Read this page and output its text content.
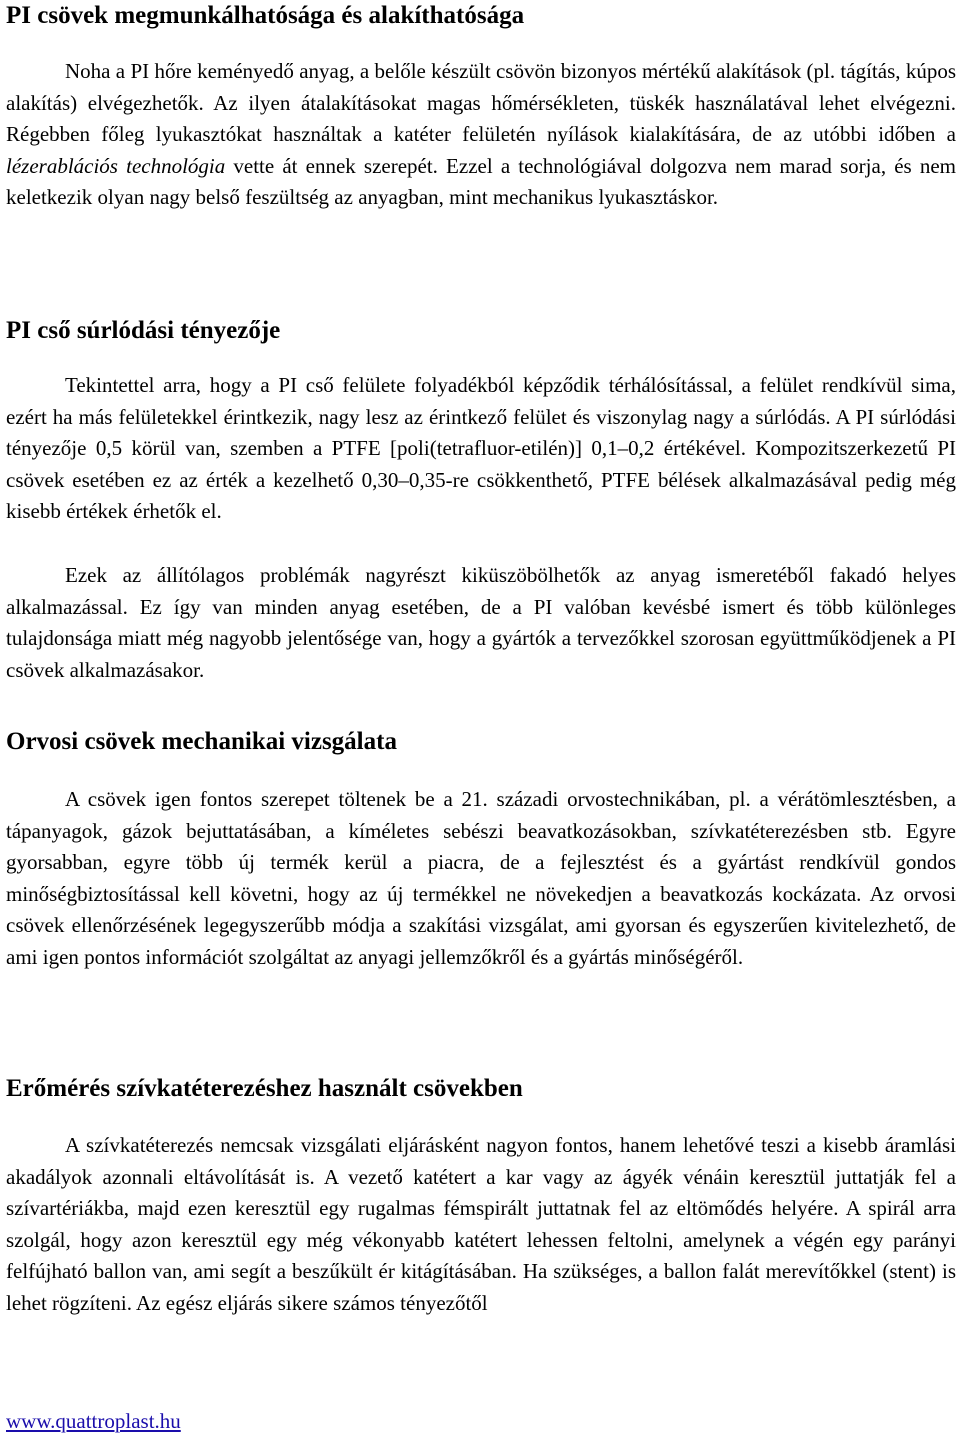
PI csövek megmunkálhatósága és alakíthatósága

Noha a PI hőre keményedő anyag, a belőle készült csövön bizonyos mértékű alakítások (pl. tágítás, kúpos alakítás) elvégezhetők. Az ilyen átalakításokat magas hőmérsékleten, tüskék használatával lehet elvégezni. Régebben főleg lyukasztókat használtak a katéter felületén nyílások kialakítására, de az utóbbi időben a lézerablációs technológia vette át ennek szerepét. Ezzel a technológiával dolgozva nem marad sorja, és nem keletkezik olyan nagy belső feszültség az anyagban, mint mechanikus lyukasztáskor.

PI cső súrlódási tényezője

Tekintettel arra, hogy a PI cső felülete folyadékból képződik térhálósítással, a felület rendkívül sima, ezért ha más felületekkel érintkezik, nagy lesz az érintkező felület és viszonylag nagy a súrlódás. A PI súrlódási tényezője 0,5 körül van, szemben a PTFE [poli(tetrafluor-etilén)] 0,1–0,2 értékével. Kompozitszerkezetű PI csövek esetében ez az érték a kezelhető 0,30–0,35-re csökkenthető, PTFE bélések alkalmazásával pedig még kisebb értékek érhetők el.

Ezek az állítólagos problémák nagyrészt kiküszöbölhetők az anyag ismeretéből fakadó helyes alkalmazással. Ez így van minden anyag esetében, de a PI valóban kevésbé ismert és több különleges tulajdonsága miatt még nagyobb jelentősége van, hogy a gyártók a tervezőkkel szorosan együttműködjenek a PI csövek alkalmazásakor.

Orvosi csövek mechanikai vizsgálata

A csövek igen fontos szerepet töltenek be a 21. századi orvostechnikában, pl. a vérátömlesztésben, a tápanyagok, gázok bejuttatásában, a kíméletes sebészi beavatkozásokban, szívkatéterezésben stb. Egyre gyorsabban, egyre több új termék kerül a piacra, de a fejlesztést és a gyártást rendkívül gondos minőségbiztosítással kell követni, hogy az új termékkel ne növekedjen a beavatkozás kockázata. Az orvosi csövek ellenőrzésének legegyszerűbb módja a szakítási vizsgálat, ami gyorsan és egyszerűen kivitelezhető, de ami igen pontos információt szolgáltat az anyagi jellemzőkről és a gyártás minőségéről.

Erőmérés szívkatéterezéshez használt csövekben

A szívkatéterezés nemcsak vizsgálati eljárásként nagyon fontos, hanem lehetővé teszi a kisebb áramlási akadályok azonnali eltávolítását is. A vezető katétert a kar vagy az ágyék vénáin keresztül juttatják fel a szívartériákba, majd ezen keresztül egy rugalmas fémspirált juttatnak fel az eltömődés helyére. A spirál arra szolgál, hogy azon keresztül egy még vékonyabb katétert lehessen feltolni, amelynek a végén egy parányi felfújható ballon van, ami segít a beszűkült ér kitágításában. Ha szükséges, a ballon falát merevítőkkel (stent) is lehet rögzíteni. Az egész eljárás sikere számos tényezőtől

www.quattroplast.hu
